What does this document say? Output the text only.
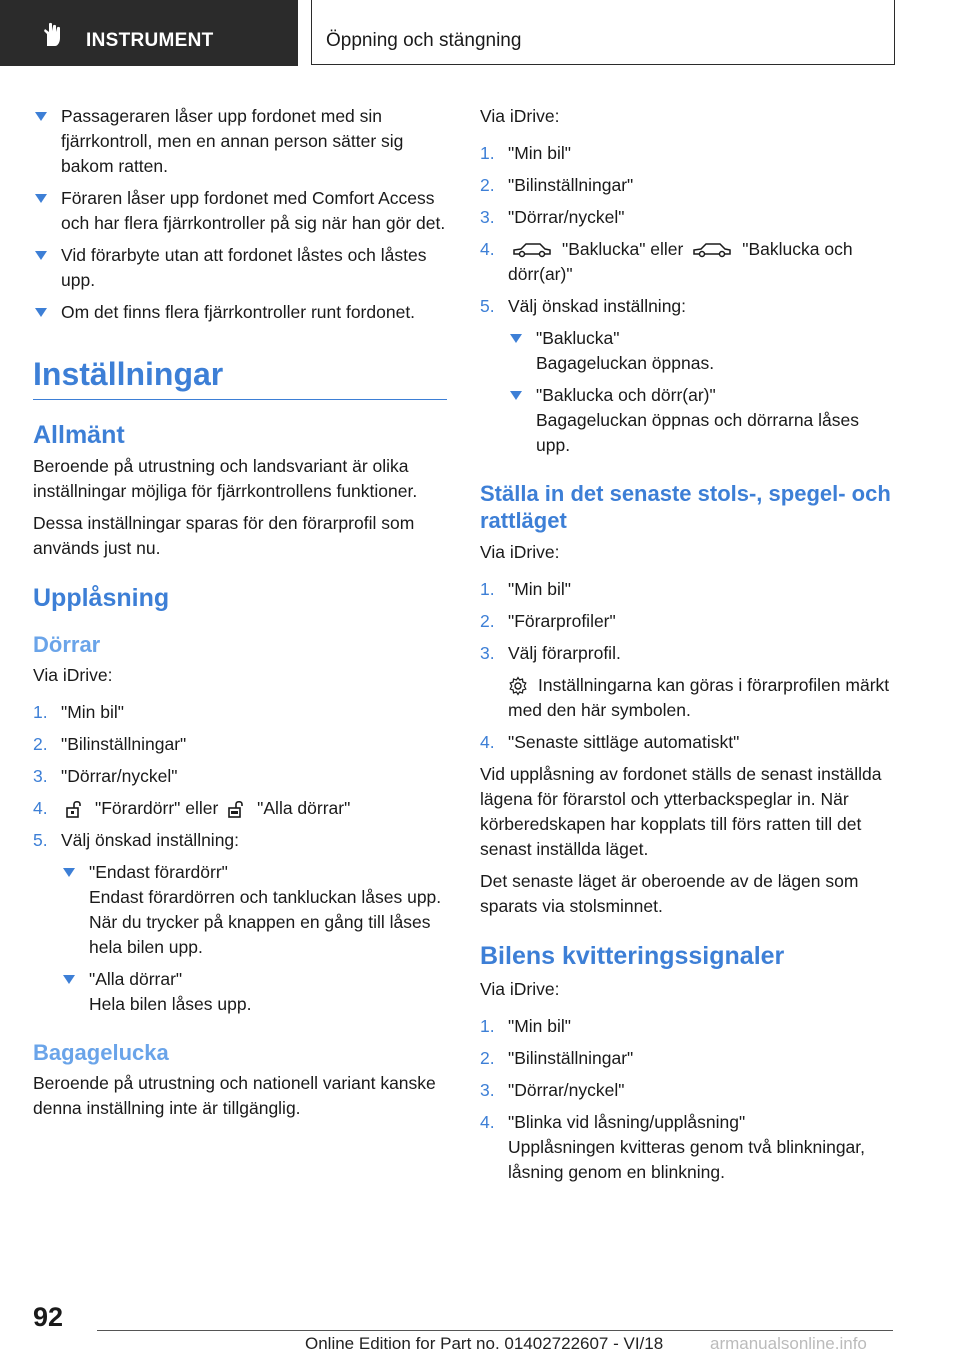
INSTRUMENT	Öppning och stängning
Passageraren låser upp fordonet med sin fjärrkontroll, men en annan person sätter sig bakom ratten.
Föraren låser upp fordonet med Comfort Access och har flera fjärrkontroller på sig när han gör det.
Vid förarbyte utan att fordonet låstes och låstes upp.
Om det finns flera fjärrkontroller runt fordonet.
Inställningar
Allmänt

Beroende på utrustning och landsvariant är olika inställningar möjliga för fjärrkontrollens funktioner.

Dessa inställningar sparas för den förarprofil som används just nu.

Upplåsning
Dörrar

Via iDrive:

1. "Min bil"
2. "Bilinställningar"
3. "Dörrar/nyckel"
4.	"Förardörr" eller "Alla dörrar"
5. Välj önskad inställning:
"Endast förardörr"

Endast förardörren och tankluckan låses upp. När du trycker på knappen en gång till låses hela bilen upp.

"Alla dörrar"

Hela bilen låses upp.

Bagagelucka

Beroende på utrustning och nationell variant kanske denna inställning inte är tillgänglig.

Via iDrive:

1. "Min bil"
2. "Bilinställningar"
3. "Dörrar/nyckel"
4.	"Baklucka" eller	"Baklucka och dörr(ar)"
5. Välj önskad inställning:
"Baklucka"

Bagageluckan öppnas.

"Baklucka och dörr(ar)"

Bagageluckan öppnas och dörrarna låses upp.

Ställa in det senaste stols-, spegel- och rattläget

Via iDrive:

1. "Min bil"
2. "Förarprofiler"
3. Välj förarprofil.

Inställningarna kan göras i förarprofilen märkt med den här symbolen.

4. "Senaste sittläge automatiskt"

Vid upplåsning av fordonet ställs de senast inställda lägena för förarstol och ytterbackspeglar in. När körberedskapen har kopplats till förs ratten till det senast inställda läget.

Det senaste läget är oberoende av de lägen som sparats via stolsminnet.

Bilens kvitteringssignaler

Via iDrive:

1. "Min bil"
2. "Bilinställningar"
3. "Dörrar/nyckel"
4. "Blinka vid låsning/upplåsning"

Upplåsningen kvitteras genom två blinkningar, låsning genom en blinkning.

92
Online Edition for Part no. 01402722607 - VI/18	armanualsonline.info
